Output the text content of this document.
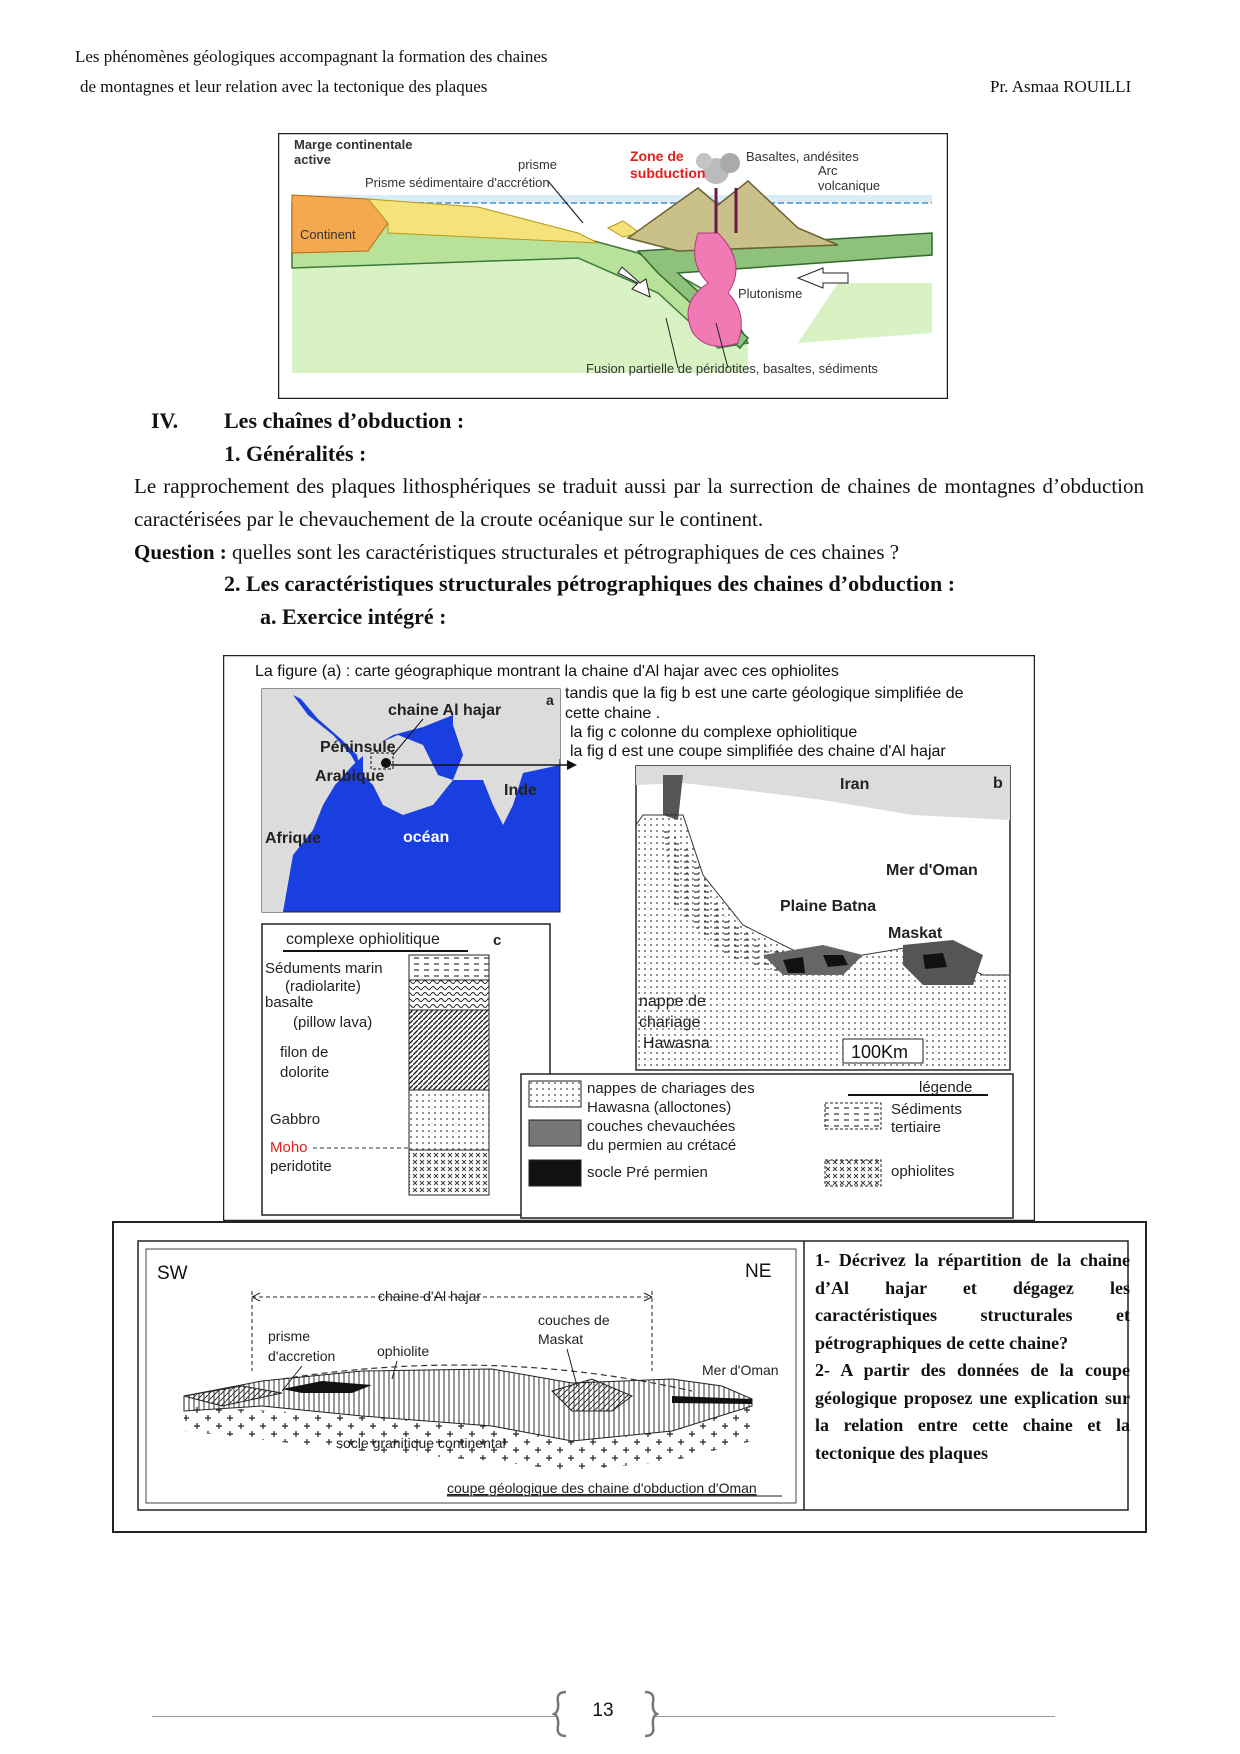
Les phénomènes géologiques accompagnant la formation des chaines
de montagnes et leur relation avec la tectonique des plaques	Pr. Asmaa ROUILLI
Marge continentale
active	prisme
Prisme sédimentaire d'accrétion
Zone de
subduction
Basaltes, andésites
Arc
volcanique
Continent
Plutonisme
Fusion partielle de péridotites, basaltes, sédiments
IV. Les chaînes d’obduction :
1. Généralités :
Le rapprochement des plaques lithosphériques se traduit aussi par la surrection de chaines de montagnes d’obduction caractérisées par le chevauchement de la croute océanique sur le continent.
Question : quelles sont les caractéristiques structurales et pétrographiques de ces chaines ?
2. Les caractéristiques structurales pétrographiques des chaines d’obduction :
a. Exercice intégré :
La figure (a) : carte géographique montrant la chaine d'Al hajar avec ces ophiolites
tandis que la fig b est une carte géologique simplifiée de
cette chaine .
la fig c colonne du complexe ophiolitique
la fig d est une coupe simplifiée des chaine d'Al hajar
a
chaine Al hajar
Péninsule
Arabique
Inde
Afrique	océan
b
Iran
Mer d'Oman
Plaine Batna
Maskat
nappe de
chariage
Hawasna	100Km
complexe ophiolitique	c
Séduments marin
(radiolarite)
basalte
(pillow lava)
filon de
dolorite
Gabbro
Moho
peridotite
légende
nappes de chariages des
Hawasna (alloctones)
couches chevauchées
du permien au crétacé
socle Pré permien
Sédiments
tertiaire
ophiolites
SW	NE
chaine d'Al hajar
prisme
d'accretion	ophiolite
couches de
Maskat
Mer d'Oman
socle granitique continental
coupe géologique des chaine d'obduction d'Oman
1- Décrivez la répartition de la chaine d’Al hajar et dégagez les caractéristiques structurales et pétrographiques de cette chaine?
2- A partir des données de la coupe géologique proposez une explication sur la relation entre cette chaine et la tectonique des plaques
13
